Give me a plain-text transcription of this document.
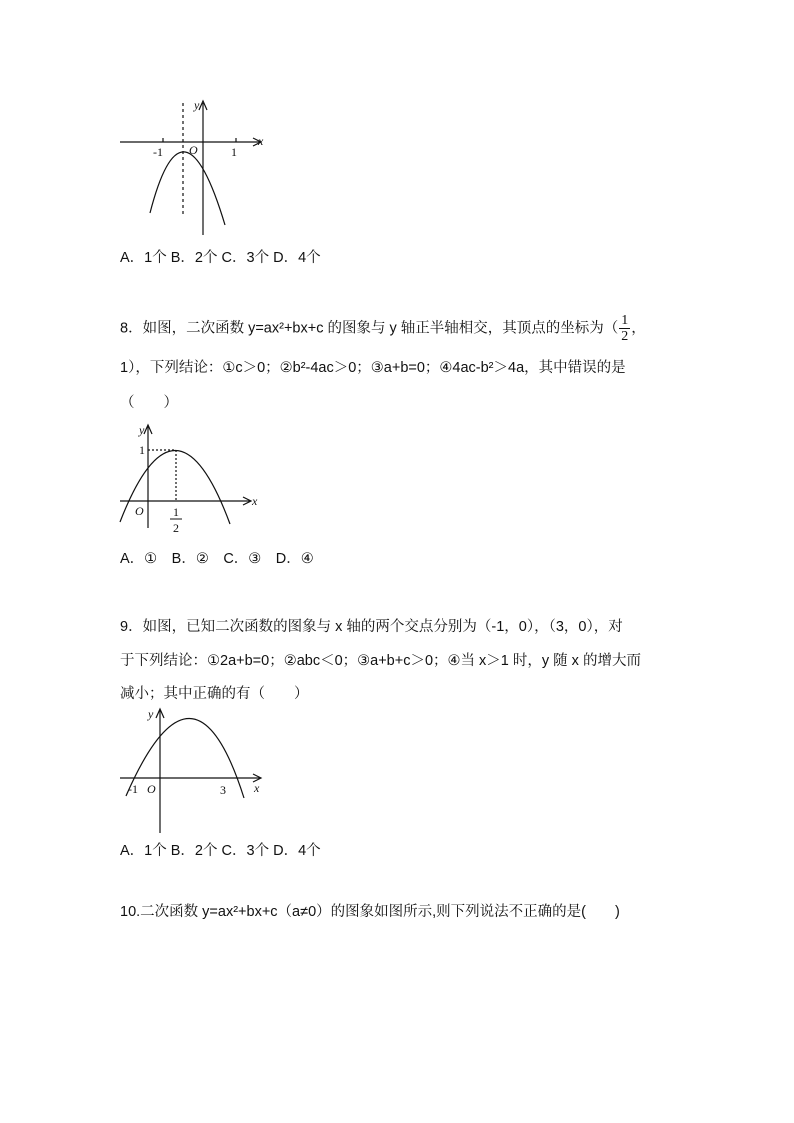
y
x
O
-1	1
A．1个 B．2个 C．3个 D．4个
8．如图，二次函数 y=ax²+bx+c 的图象与 y 轴正半轴相交，其顶点的坐标为（ $\frac{1}{2}$ ，
1），下列结论：①c＞0；②b²-4ac＞0；③a+b=0；④4ac-b²＞4a，其中错误的是
（　　）
y
x
O
1
1
2
A．①　B．②　C．③　D．④
9．如图，已知二次函数的图象与 x 轴的两个交点分别为（-1，0），（3，0），对
于下列结论：①2a+b=0；②abc＜0；③a+b+c＞0；④当 x＞1 时，y 随 x 的增大而
减小；其中正确的有（　　）
y
x
O
-1	3
A．1个 B．2个 C．3个 D．4个
10.二次函数 y=ax²+bx+c（a≠0）的图象如图所示,则下列说法不正确的是(　　)
